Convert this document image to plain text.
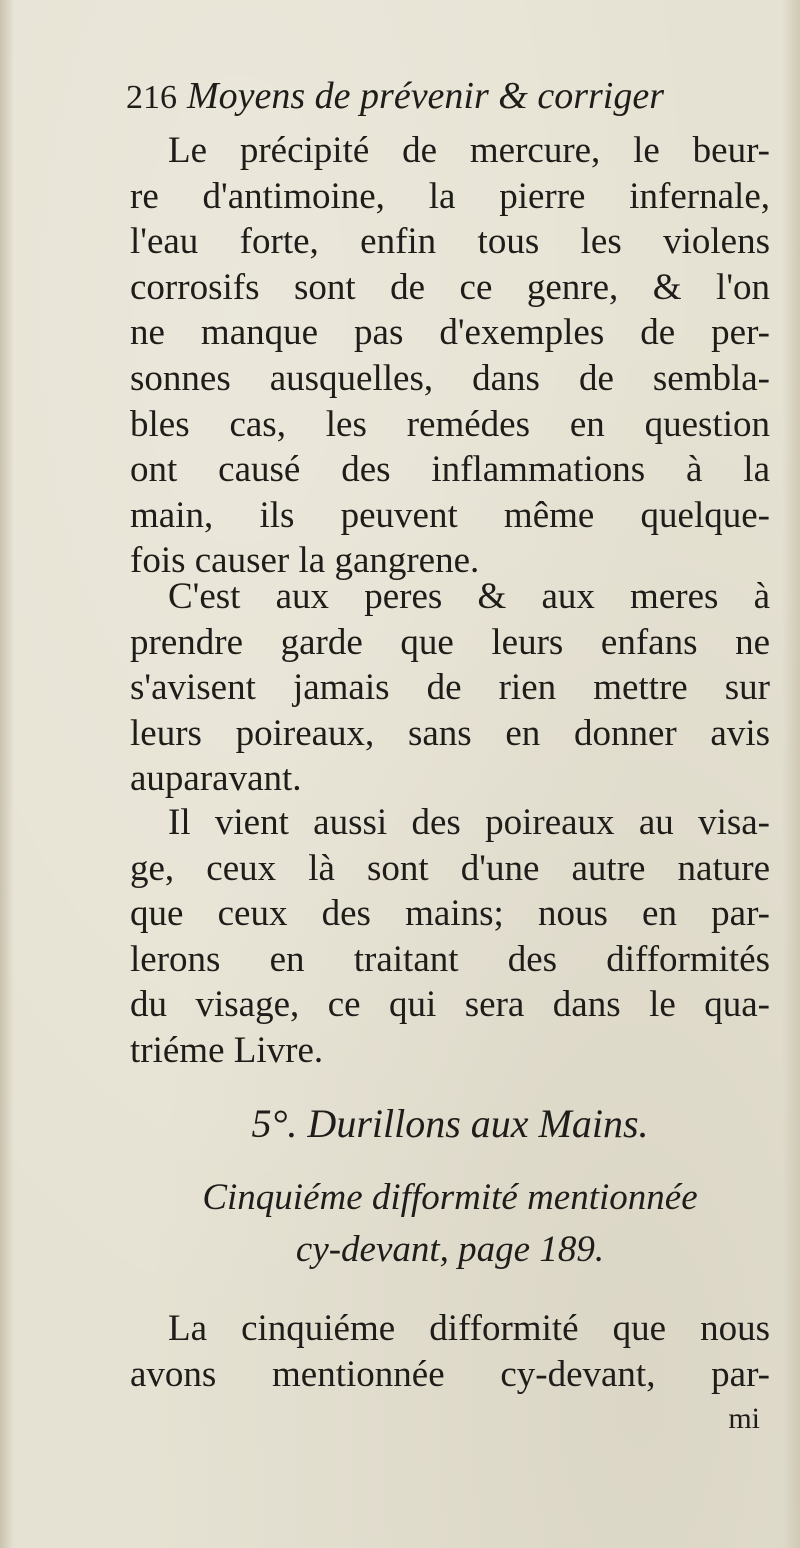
216 Moyens de prévenir & corriger
Le précipité de mercure, le beur-
re d'antimoine, la pierre infernale,
l'eau forte, enfin tous les violens
corrosifs sont de ce genre, & l'on
ne manque pas d'exemples de per-
sonnes ausquelles, dans de sembla-
bles cas, les remédes en question
ont causé des inflammations à la
main, ils peuvent même quelque-
fois causer la gangrene.
C'est aux peres & aux meres à
prendre garde que leurs enfans ne
s'avisent jamais de rien mettre sur
leurs poireaux, sans en donner avis
auparavant.
Il vient aussi des poireaux au visa-
ge, ceux là sont d'une autre nature
que ceux des mains; nous en par-
lerons en traitant des difformités
du visage, ce qui sera dans le qua-
triéme Livre.
5°. Durillons aux Mains.
Cinquiéme difformité mentionnée
cy-devant, page 189.
La cinquiéme difformité que nous
avons mentionnée cy-devant, par-
mi
